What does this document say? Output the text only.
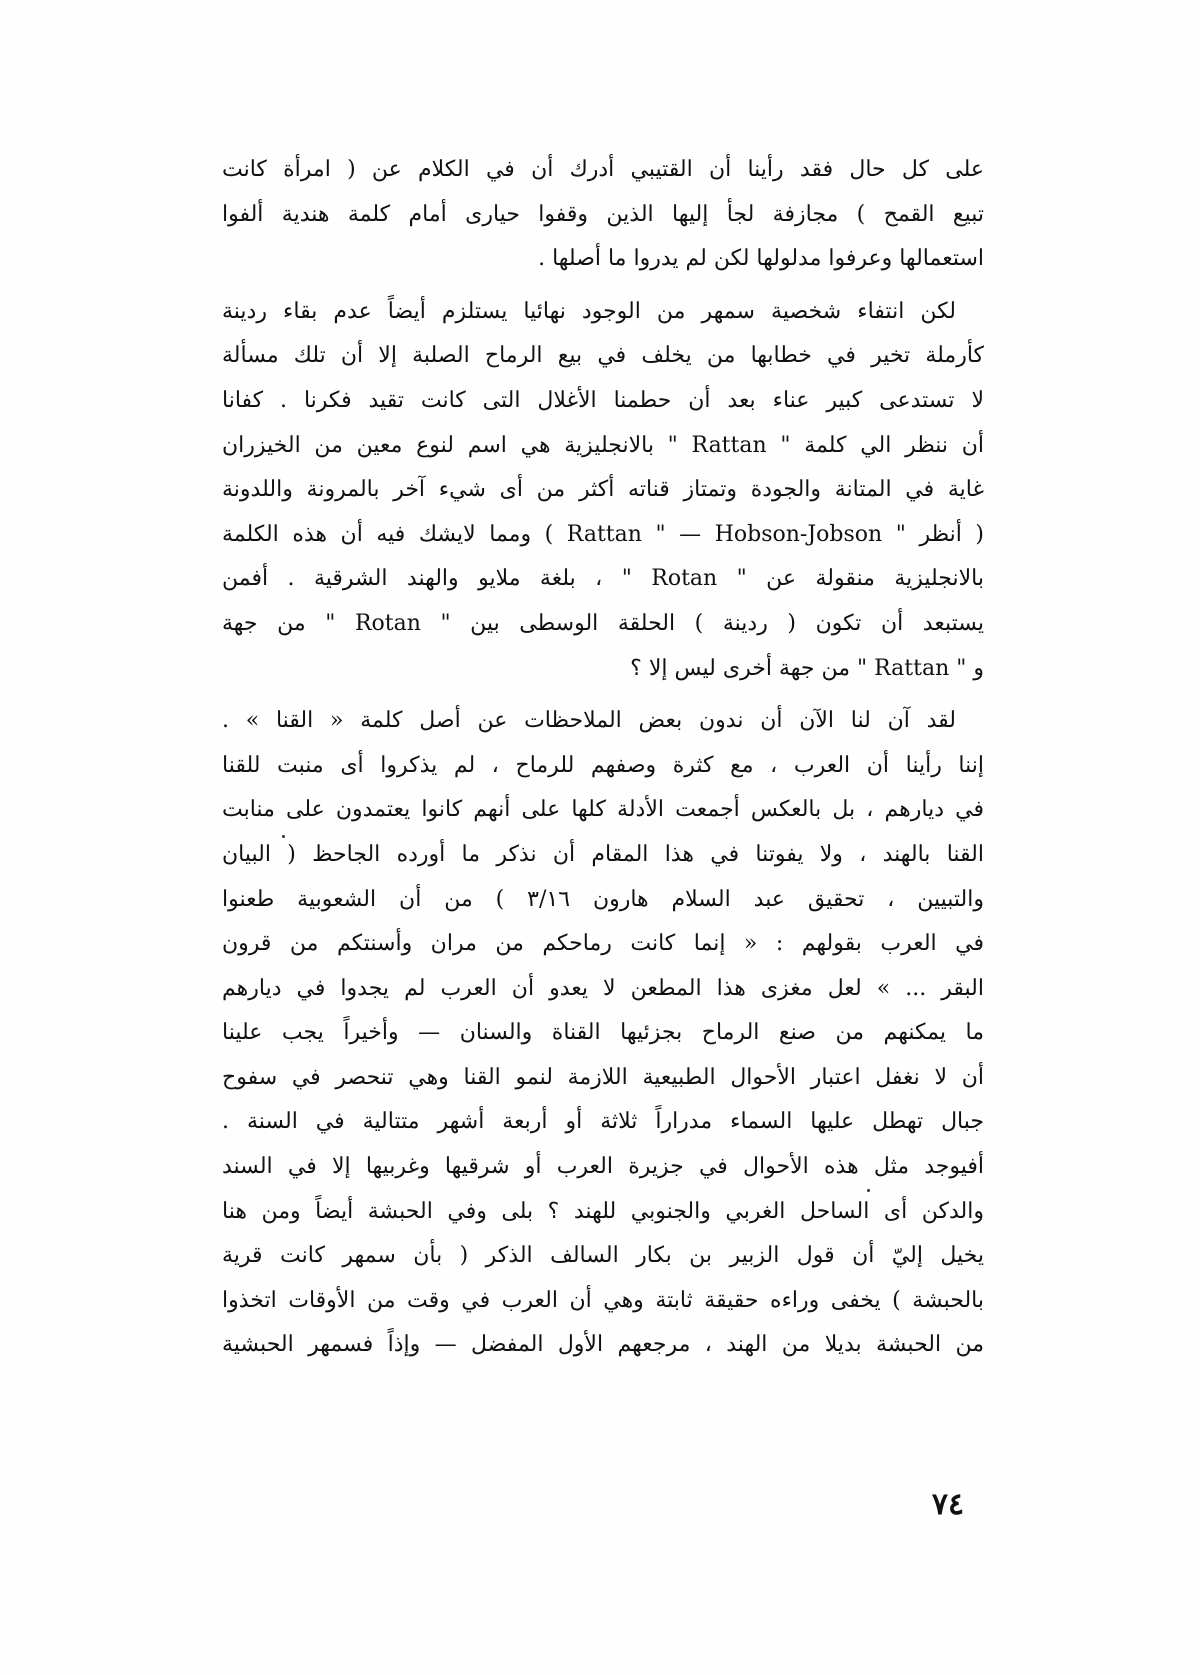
على كل حال فقد رأينا أن القتيبي أدرك أن في الكلام عن ( امرأة كانت
تبيع القمح ) مجازفة لجأ إليها الذين وقفوا حيارى أمام كلمة هندية ألفوا
استعمالها وعرفوا مدلولها لكن لم يدروا ما أصلها .
لكن انتفاء شخصية سمهر من الوجود نهائيا يستلزم أيضاً عدم بقاء ردينة
كأرملة تخير في خطابها من يخلف في بيع الرماح الصلبة إلا أن تلك مسألة
لا تستدعى كبير عناء بعد أن حطمنا الأغلال التى كانت تقيد فكرنا . كفانا
أن ننظر الي كلمة " Rattan " بالانجليزية هي اسم لنوع معين من الخيزران
غاية في المتانة والجودة وتمتاز قناته أكثر من أى شيء آخر بالمرونة واللدونة
( أنظر " Rattan " — Hobson-Jobson ) ومما لايشك فيه أن هذه الكلمة
بالانجليزية منقولة عن " Rotan " ، بلغة ملايو والهند الشرقية . أفمن
يستبعد أن تكون ( ردينة ) الحلقة الوسطى بين " Rotan " من جهة
و " Rattan " من جهة أخرى ليس إلا ؟
لقد آن لنا الآن أن ندون بعض الملاحظات عن أصل كلمة « القنا » .
إننا رأينا أن العرب ، مع كثرة وصفهم للرماح ، لم يذكروا أى منبت للقنا
في ديارهم ، بل بالعكس أجمعت الأدلة كلها على أنهم كانوا يعتمدون على منابت
القنا بالهند ، ولا يفوتنا في هذا المقام أن نذكر ما أورده الجاحظ ( البيان
والتبيين ، تحقيق عبد السلام هارون ٣/١٦ ) من أن الشعوبية طعنوا
في العرب بقولهم : « إنما كانت رماحكم من مران وأسنتكم من قرون
البقر ... » لعل مغزى هذا المطعن لا يعدو أن العرب لم يجدوا في ديارهم
ما يمكنهم من صنع الرماح بجزئيها القناة والسنان — وأخيراً يجب علينا
أن لا نغفل اعتبار الأحوال الطبيعية اللازمة لنمو القنا وهي تنحصر في سفوح
جبال تهطل عليها السماء مدراراً ثلاثة أو أربعة أشهر متتالية في السنة .
أفيوجد مثل هذه الأحوال في جزيرة العرب أو شرقيها وغربيها إلا في السند
والدكن أى الساحل الغربي والجنوبي للهند ؟ بلى وفي الحبشة أيضاً ومن هنا
يخيل إليّ أن قول الزبير بن بكار السالف الذكر ( بأن سمهر كانت قرية
بالحبشة ) يخفى وراءه حقيقة ثابتة وهي أن العرب في وقت من الأوقات اتخذوا
من الحبشة بديلا من الهند ، مرجعهم الأول المفضل — وإذاً فسمهر الحبشية
٧٤
